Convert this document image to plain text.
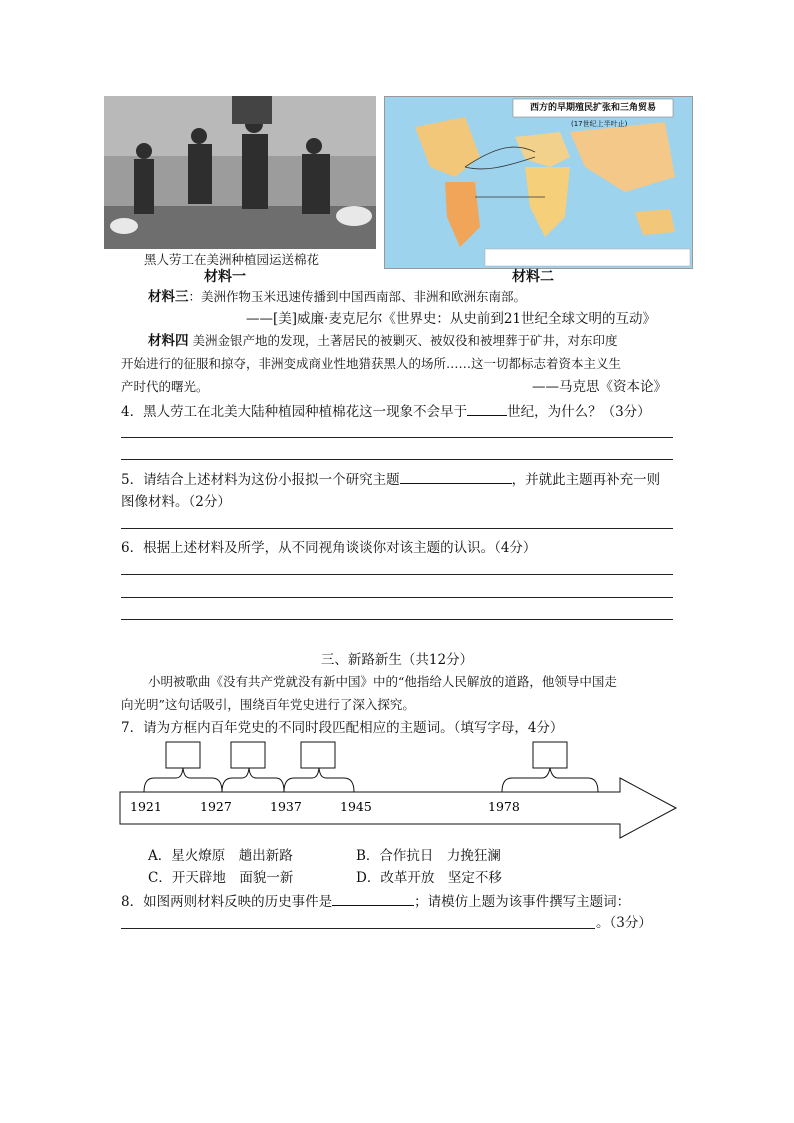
黑人劳工在美洲种植园运送棉花
西方的早期殖民扩张和三角贸易
(17世纪上半叶止)
材料一	材料二
材料三：美洲作物玉米迅速传播到中国西南部、非洲和欧洲东南部。
——[美]威廉·麦克尼尔《世界史：从史前到21世纪全球文明的互动》
材料四 美洲金银产地的发现，土著居民的被剿灭、被奴役和被埋葬于矿井，对东印度
开始进行的征服和掠夺，非洲变成商业性地猎获黑人的场所……这一切都标志着资本主义生
产时代的曙光。	——马克思《资本论》
4．黑人劳工在北美大陆种植园种植棉花这一现象不会早于	世纪，为什么？（3分）
5．请结合上述材料为这份小报拟一个研究主题	，并就此主题再补充一则
图像材料。（2分）
6．根据上述材料及所学，从不同视角谈谈你对该主题的认识。（4分）
三、新路新生（共12分）
小明被歌曲《没有共产党就没有新中国》中的“他指给人民解放的道路，他领导中国走
向光明”这句话吸引，围绕百年党史进行了深入探究。
7．请为方框内百年党史的不同时段匹配相应的主题词。（填写字母，4分）
1921	1927	1937	1945	1978
A．星火燎原　趟出新路	B．合作抗日　力挽狂澜
C．开天辟地　面貌一新	D．改革开放　坚定不移
8．如图两则材料反映的历史事件是	；请模仿上题为该事件撰写主题词：
。（3分）
